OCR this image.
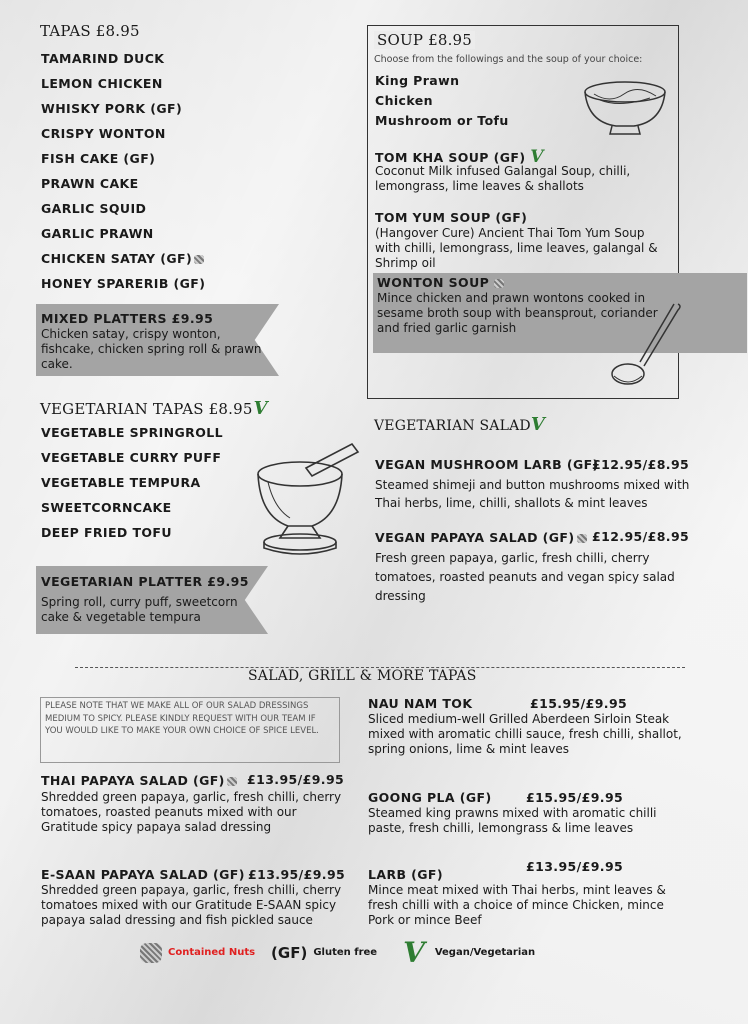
TAPAS £8.95
TAMARIND DUCK
LEMON CHICKEN
WHISKY PORK (GF)
CRISPY WONTON
FISH CAKE (GF)
PRAWN CAKE
GARLIC SQUID
GARLIC PRAWN
CHICKEN SATAY (GF)
HONEY SPARERIB (GF)
MIXED PLATTERS £9.95
Chicken satay, crispy wonton, fishcake, chicken spring roll & prawn cake.
VEGETARIAN TAPAS £8.95V
VEGETABLE SPRINGROLL
VEGETABLE CURRY PUFF
VEGETABLE TEMPURA
SWEETCORNCAKE
DEEP FRIED TOFU
VEGETARIAN PLATTER £9.95
Spring roll, curry puff, sweetcorn cake & vegetable tempura
SOUP £8.95
Choose from the followings and the soup of your choice:
King Prawn
Chicken
Mushroom or Tofu
TOM KHA SOUP (GF) V
Coconut Milk infused Galangal Soup, chilli, lemongrass, lime leaves & shallots
TOM YUM SOUP (GF)
(Hangover Cure) Ancient Thai Tom Yum Soup with chilli, lemongrass, lime leaves, galangal & Shrimp oil
WONTON SOUP
Mince chicken and prawn wontons cooked in sesame broth soup with beansprout, coriander and fried garlic garnish
VEGETARIAN SALADV
VEGAN MUSHROOM LARB (GF)
£12.95/£8.95
Steamed shimeji and button mushrooms mixed with Thai herbs, lime, chilli, shallots & mint leaves
VEGAN PAPAYA SALAD (GF)	£12.95/£8.95
Fresh green papaya, garlic, fresh chilli, cherry tomatoes, roasted peanuts and vegan spicy salad dressing
SALAD, GRILL & MORE TAPAS
PLEASE NOTE THAT WE MAKE ALL OF OUR SALAD DRESSINGS MEDIUM TO SPICY. PLEASE KINDLY REQUEST WITH OUR TEAM IF YOU WOULD LIKE TO MAKE YOUR OWN CHOICE OF SPICE LEVEL.
THAI PAPAYA SALAD (GF)	£13.95/£9.95
Shredded green papaya, garlic, fresh chilli, cherry tomatoes, roasted peanuts mixed with our Gratitude spicy papaya salad dressing
E-SAAN PAPAYA SALAD (GF) £13.95/£9.95
Shredded green papaya, garlic, fresh chilli, cherry tomatoes mixed with our Gratitude E-SAAN spicy papaya salad dressing and fish pickled sauce
NAU NAM TOK	£15.95/£9.95
Sliced medium-well Grilled Aberdeen Sirloin Steak mixed with aromatic chilli sauce, fresh chilli, shallot, spring onions, lime & mint leaves
GOONG PLA (GF)	£15.95/£9.95
Steamed king prawns mixed with aromatic chilli paste, fresh chilli, lemongrass & lime leaves
£13.95/£9.95
LARB (GF)
Mince meat mixed with Thai herbs, mint leaves & fresh chilli with a choice of mince Chicken, mince Pork or mince Beef
Contained Nuts (GF) Gluten free V Vegan/Vegetarian
